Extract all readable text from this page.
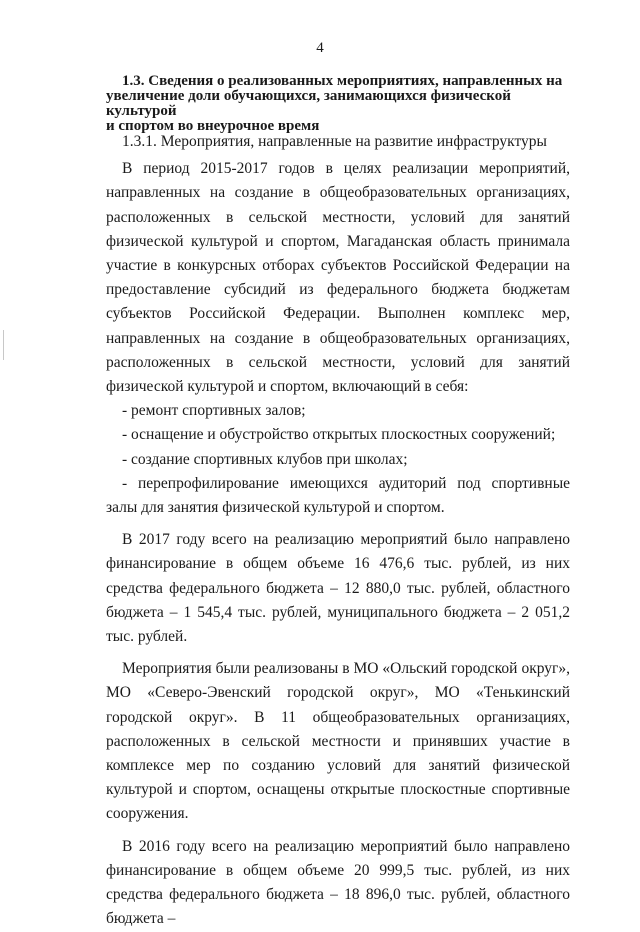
4
1.3. Сведения о реализованных мероприятиях, направленных на
увеличение доли обучающихся, занимающихся физической культурой
и спортом во внеурочное время

1.3.1. Мероприятия, направленные на развитие инфраструктуры

В период 2015-2017 годов в целях реализации мероприятий, направленных на создание в общеобразовательных организациях, расположенных в сельской местности, условий для занятий физической культурой и спортом, Магаданская область принимала участие в конкурсных отборах субъектов Российской Федерации на предоставление субсидий из федерального бюджета бюджетам субъектов Российской Федерации. Выполнен комплекс мер, направленных на создание в общеобразовательных организациях, расположенных в сельской местности, условий для занятий физической культурой и спортом, включающий в себя:

- ремонт спортивных залов;

- оснащение и обустройство открытых плоскостных сооружений;

- создание спортивных клубов при школах;

- перепрофилирование имеющихся аудиторий под спортивные залы для занятия физической культурой и спортом.

В 2017 году всего на реализацию мероприятий было направлено финансирование в общем объеме 16 476,6 тыс. рублей, из них средства федерального бюджета – 12 880,0 тыс. рублей, областного бюджета – 1 545,4 тыс. рублей, муниципального бюджета – 2 051,2 тыс. рублей.

Мероприятия были реализованы в МО «Ольский городской округ», МО «Северо-Эвенский городской округ», МО «Тенькинский городской округ». В 11 общеобразовательных организациях, расположенных в сельской местности и принявших участие в комплексе мер по созданию условий для занятий физической культурой и спортом, оснащены открытые плоскостные спортивные сооружения.

В 2016 году всего на реализацию мероприятий было направлено финансирование в общем объеме 20 999,5 тыс. рублей, из них средства федерального бюджета – 18 896,0 тыс. рублей, областного бюджета –
